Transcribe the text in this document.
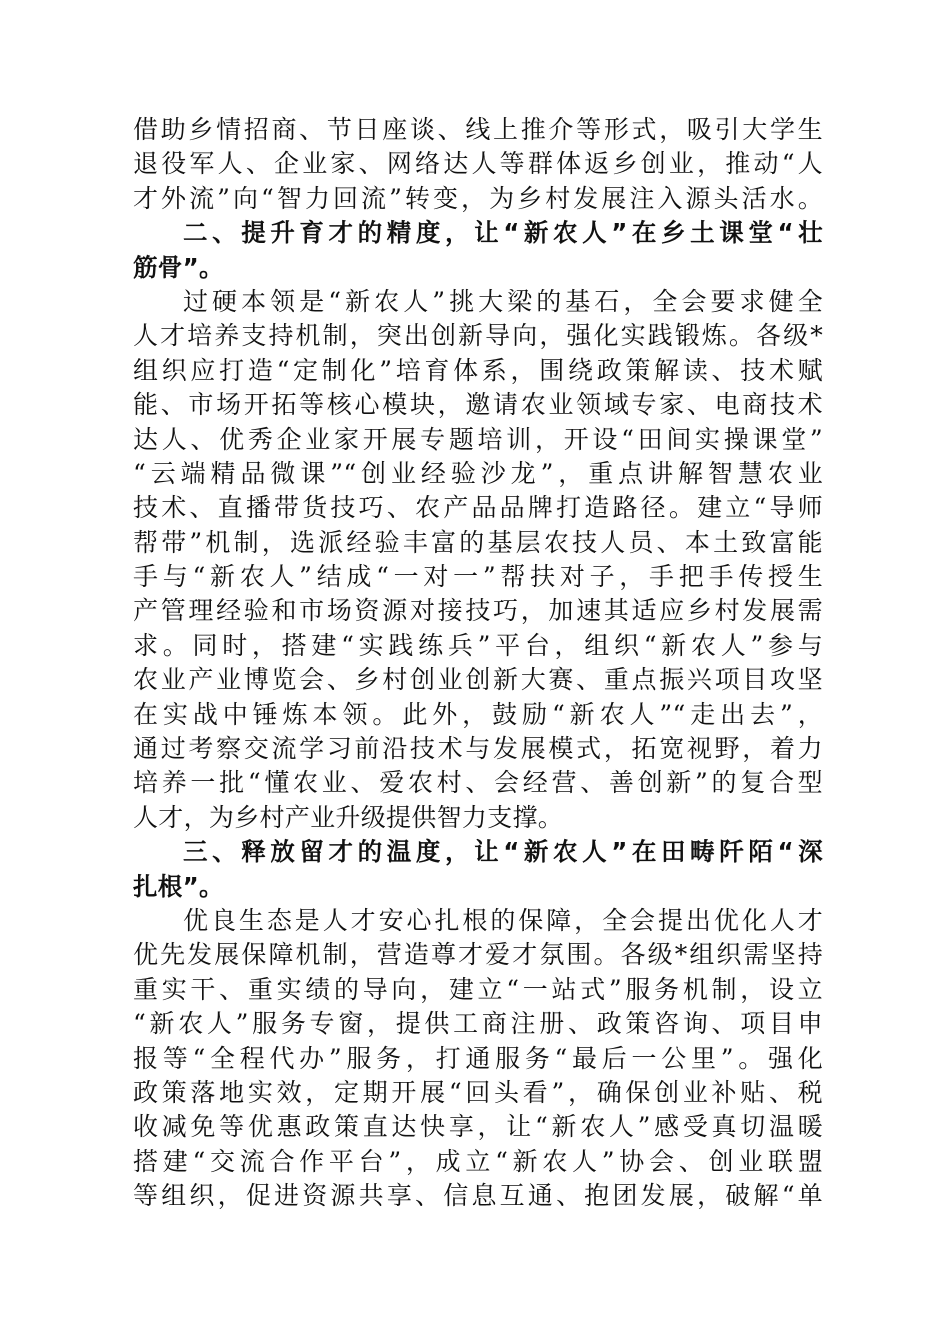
借助乡情招商、节日座谈、线上推介等形式，吸引大学生
退役军人、企业家、网络达人等群体返乡创业，推动“人
才外流”向“智力回流”转变，为乡村发展注入源头活水。
二、提升育才的精度，让“新农人”在乡土课堂“壮
筋骨”。
过硬本领是“新农人”挑大梁的基石，全会要求健全
人才培养支持机制，突出创新导向，强化实践锻炼。各级*
组织应打造“定制化”培育体系，围绕政策解读、技术赋
能、市场开拓等核心模块，邀请农业领域专家、电商技术
达人、优秀企业家开展专题培训，开设“田间实操课堂”
“云端精品微课”“创业经验沙龙”，重点讲解智慧农业
技术、直播带货技巧、农产品品牌打造路径。建立“导师
帮带”机制，选派经验丰富的基层农技人员、本土致富能
手与“新农人”结成“一对一”帮扶对子，手把手传授生
产管理经验和市场资源对接技巧，加速其适应乡村发展需
求。同时，搭建“实践练兵”平台，组织“新农人”参与
农业产业博览会、乡村创业创新大赛、重点振兴项目攻坚
在实战中锤炼本领。此外，鼓励“新农人”“走出去”，
通过考察交流学习前沿技术与发展模式，拓宽视野，着力
培养一批“懂农业、爱农村、会经营、善创新”的复合型
人才，为乡村产业升级提供智力支撑。
三、释放留才的温度，让“新农人”在田畴阡陌“深
扎根”。
优良生态是人才安心扎根的保障，全会提出优化人才
优先发展保障机制，营造尊才爱才氛围。各级*组织需坚持
重实干、重实绩的导向，建立“一站式”服务机制，设立
“新农人”服务专窗，提供工商注册、政策咨询、项目申
报等“全程代办”服务，打通服务“最后一公里”。强化
政策落地实效，定期开展“回头看”，确保创业补贴、税
收减免等优惠政策直达快享，让“新农人”感受真切温暖
搭建“交流合作平台”，成立“新农人”协会、创业联盟
等组织，促进资源共享、信息互通、抱团发展，破解“单
